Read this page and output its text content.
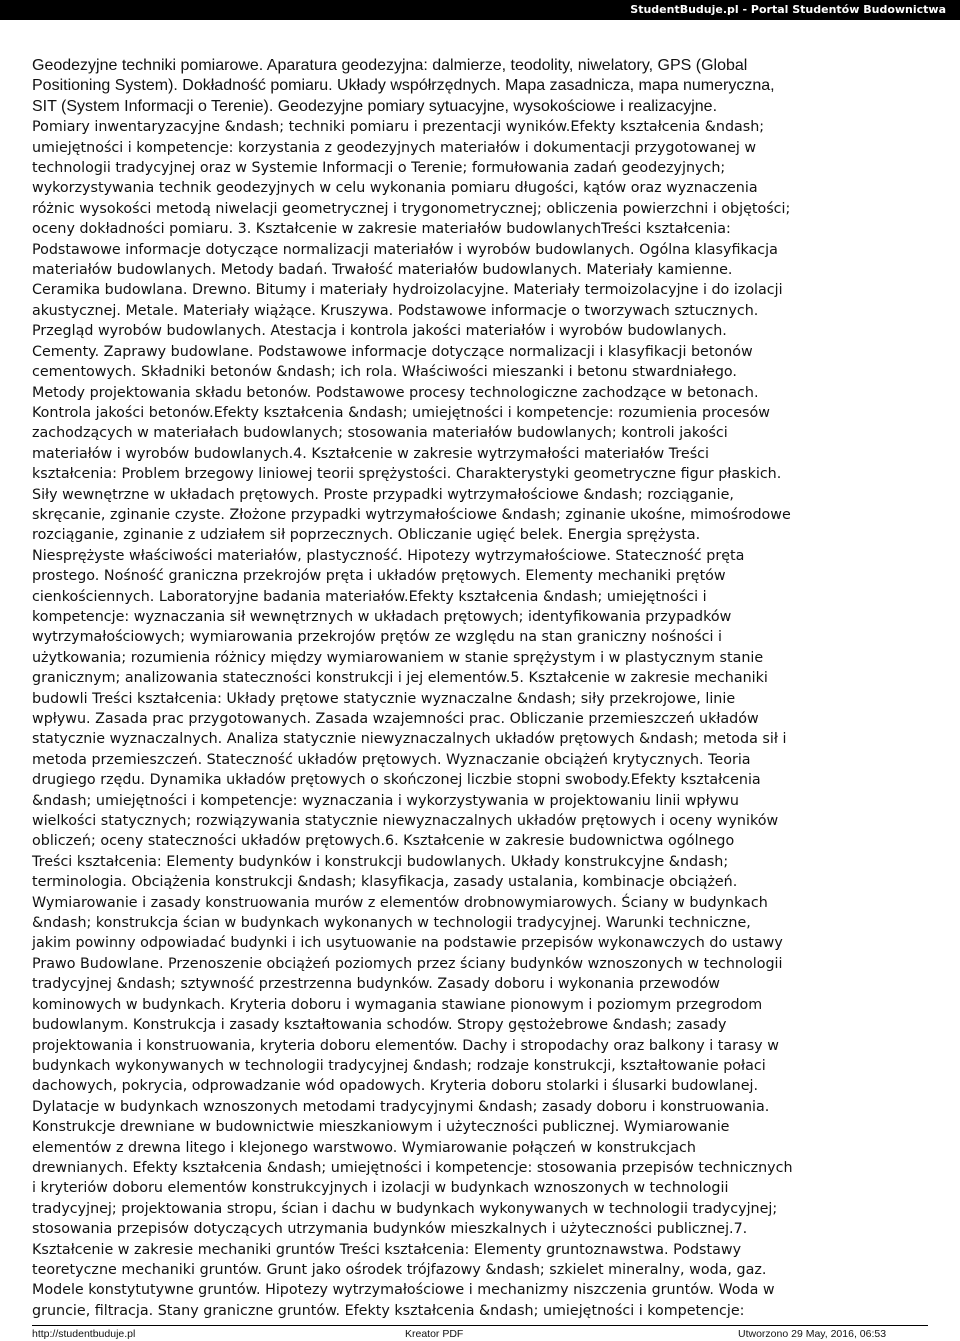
StudentBuduje.pl - Portal Studentów Budownictwa
Geodezyjne techniki pomiarowe. Aparatura geodezyjna: dalmierze, teodolity, niwelatory, GPS (Global
Positioning System). Dokładność pomiaru. Układy współrzędnych. Mapa zasadnicza, mapa numeryczna,
SIT (System Informacji o Terenie). Geodezyjne pomiary sytuacyjne, wysokościowe i realizacyjne.
Pomiary inwentaryzacyjne &ndash; techniki pomiaru i prezentacji wyników.Efekty kształcenia &ndash;
umiejętności i kompetencje: korzystania z geodezyjnych materiałów i dokumentacji przygotowanej w
technologii tradycyjnej oraz w Systemie Informacji o Terenie; formułowania zadań geodezyjnych;
wykorzystywania technik geodezyjnych w celu wykonania pomiaru długości, kątów oraz wyznaczenia
różnic wysokości metodą niwelacji geometrycznej i trygonometrycznej; obliczenia powierzchni i objętości;
oceny dokładności pomiaru. 3. Kształcenie w zakresie materiałów budowlanychTreści kształcenia:
Podstawowe informacje dotyczące normalizacji materiałów i wyrobów budowlanych. Ogólna klasyfikacja
materiałów budowlanych. Metody badań. Trwałość materiałów budowlanych. Materiały kamienne.
Ceramika budowlana. Drewno. Bitumy i materiały hydroizolacyjne. Materiały termoizolacyjne i do izolacji
akustycznej. Metale. Materiały wiążące. Kruszywa. Podstawowe informacje o tworzywach sztucznych.
Przegląd wyrobów budowlanych. Atestacja i kontrola jakości materiałów i wyrobów budowlanych.
Cementy. Zaprawy budowlane. Podstawowe informacje dotyczące normalizacji i klasyfikacji betonów
cementowych. Składniki betonów &ndash; ich rola. Właściwości mieszanki i betonu stwardniałego.
Metody projektowania składu betonów. Podstawowe procesy technologiczne zachodzące w betonach.
Kontrola jakości betonów.Efekty kształcenia &ndash; umiejętności i kompetencje: rozumienia procesów
zachodzących w materiałach budowlanych; stosowania materiałów budowlanych; kontroli jakości
materiałów i wyrobów budowlanych.4. Kształcenie w zakresie wytrzymałości materiałów Treści
kształcenia: Problem brzegowy liniowej teorii sprężystości. Charakterystyki geometryczne figur płaskich.
Siły wewnętrzne w układach prętowych. Proste przypadki wytrzymałościowe &ndash; rozciąganie,
skręcanie, zginanie czyste. Złożone przypadki wytrzymałościowe &ndash; zginanie ukośne, mimośrodowe
rozciąganie, zginanie z udziałem sił poprzecznych. Obliczanie ugięć belek. Energia sprężysta.
Niesprężyste właściwości materiałów, plastyczność. Hipotezy wytrzymałościowe. Stateczność pręta
prostego. Nośność graniczna przekrojów pręta i układów prętowych. Elementy mechaniki prętów
cienkościennych. Laboratoryjne badania materiałów.Efekty kształcenia &ndash; umiejętności i
kompetencje: wyznaczania sił wewnętrznych w układach prętowych; identyfikowania przypadków
wytrzymałościowych; wymiarowania przekrojów prętów ze względu na stan graniczny nośności i
użytkowania; rozumienia różnicy między wymiarowaniem w stanie sprężystym i w plastycznym stanie
granicznym; analizowania stateczności konstrukcji i jej elementów.5. Kształcenie w zakresie mechaniki
budowli Treści kształcenia: Układy prętowe statycznie wyznaczalne &ndash; siły przekrojowe, linie
wpływu. Zasada prac przygotowanych. Zasada wzajemności prac. Obliczanie przemieszczeń układów
statycznie wyznaczalnych. Analiza statycznie niewyznaczalnych układów prętowych &ndash; metoda sił i
metoda przemieszczeń. Stateczność układów prętowych. Wyznaczanie obciążeń krytycznych. Teoria
drugiego rzędu. Dynamika układów prętowych o skończonej liczbie stopni swobody.Efekty kształcenia
&ndash; umiejętności i kompetencje: wyznaczania i wykorzystywania w projektowaniu linii wpływu
wielkości statycznych; rozwiązywania statycznie niewyznaczalnych układów prętowych i oceny wyników
obliczeń; oceny stateczności układów prętowych.6. Kształcenie w zakresie budownictwa ogólnego
Treści kształcenia: Elementy budynków i konstrukcji budowlanych. Układy konstrukcyjne &ndash;
terminologia. Obciążenia konstrukcji &ndash; klasyfikacja, zasady ustalania, kombinacje obciążeń.
Wymiarowanie i zasady konstruowania murów z elementów drobnowymiarowych. Ściany w budynkach
&ndash; konstrukcja ścian w budynkach wykonanych w technologii tradycyjnej. Warunki techniczne,
jakim powinny odpowiadać budynki i ich usytuowanie na podstawie przepisów wykonawczych do ustawy
Prawo Budowlane. Przenoszenie obciążeń poziomych przez ściany budynków wznoszonych w technologii
tradycyjnej &ndash; sztywność przestrzenna budynków. Zasady doboru i wykonania przewodów
kominowych w budynkach. Kryteria doboru i wymagania stawiane pionowym i poziomym przegrodom
budowlanym. Konstrukcja i zasady kształtowania schodów. Stropy gęstożebrowe &ndash; zasady
projektowania i konstruowania, kryteria doboru elementów. Dachy i stropodachy oraz balkony i tarasy w
budynkach wykonywanych w technologii tradycyjnej &ndash; rodzaje konstrukcji, kształtowanie połaci
dachowych, pokrycia, odprowadzanie wód opadowych. Kryteria doboru stolarki i ślusarki budowlanej.
Dylatacje w budynkach wznoszonych metodami tradycyjnymi &ndash; zasady doboru i konstruowania.
Konstrukcje drewniane w budownictwie mieszkaniowym i użyteczności publicznej. Wymiarowanie
elementów z drewna litego i klejonego warstwowo. Wymiarowanie połączeń w konstrukcjach
drewnianych. Efekty kształcenia &ndash; umiejętności i kompetencje: stosowania przepisów technicznych
i kryteriów doboru elementów konstrukcyjnych i izolacji w budynkach wznoszonych w technologii
tradycyjnej; projektowania stropu, ścian i dachu w budynkach wykonywanych w technologii tradycyjnej;
stosowania przepisów dotyczących utrzymania budynków mieszkalnych i użyteczności publicznej.7.
Kształcenie w zakresie mechaniki gruntów Treści kształcenia: Elementy gruntoznawstwa. Podstawy
teoretyczne mechaniki gruntów. Grunt jako ośrodek trójfazowy &ndash; szkielet mineralny, woda, gaz.
Modele konstytutywne gruntów. Hipotezy wytrzymałościowe i mechanizmy niszczenia gruntów. Woda w
gruncie, filtracja. Stany graniczne gruntów. Efekty kształcenia &ndash; umiejętności i kompetencje:
http://studentbuduje.pl	Kreator PDF	Utworzono 29 May, 2016, 06:53
